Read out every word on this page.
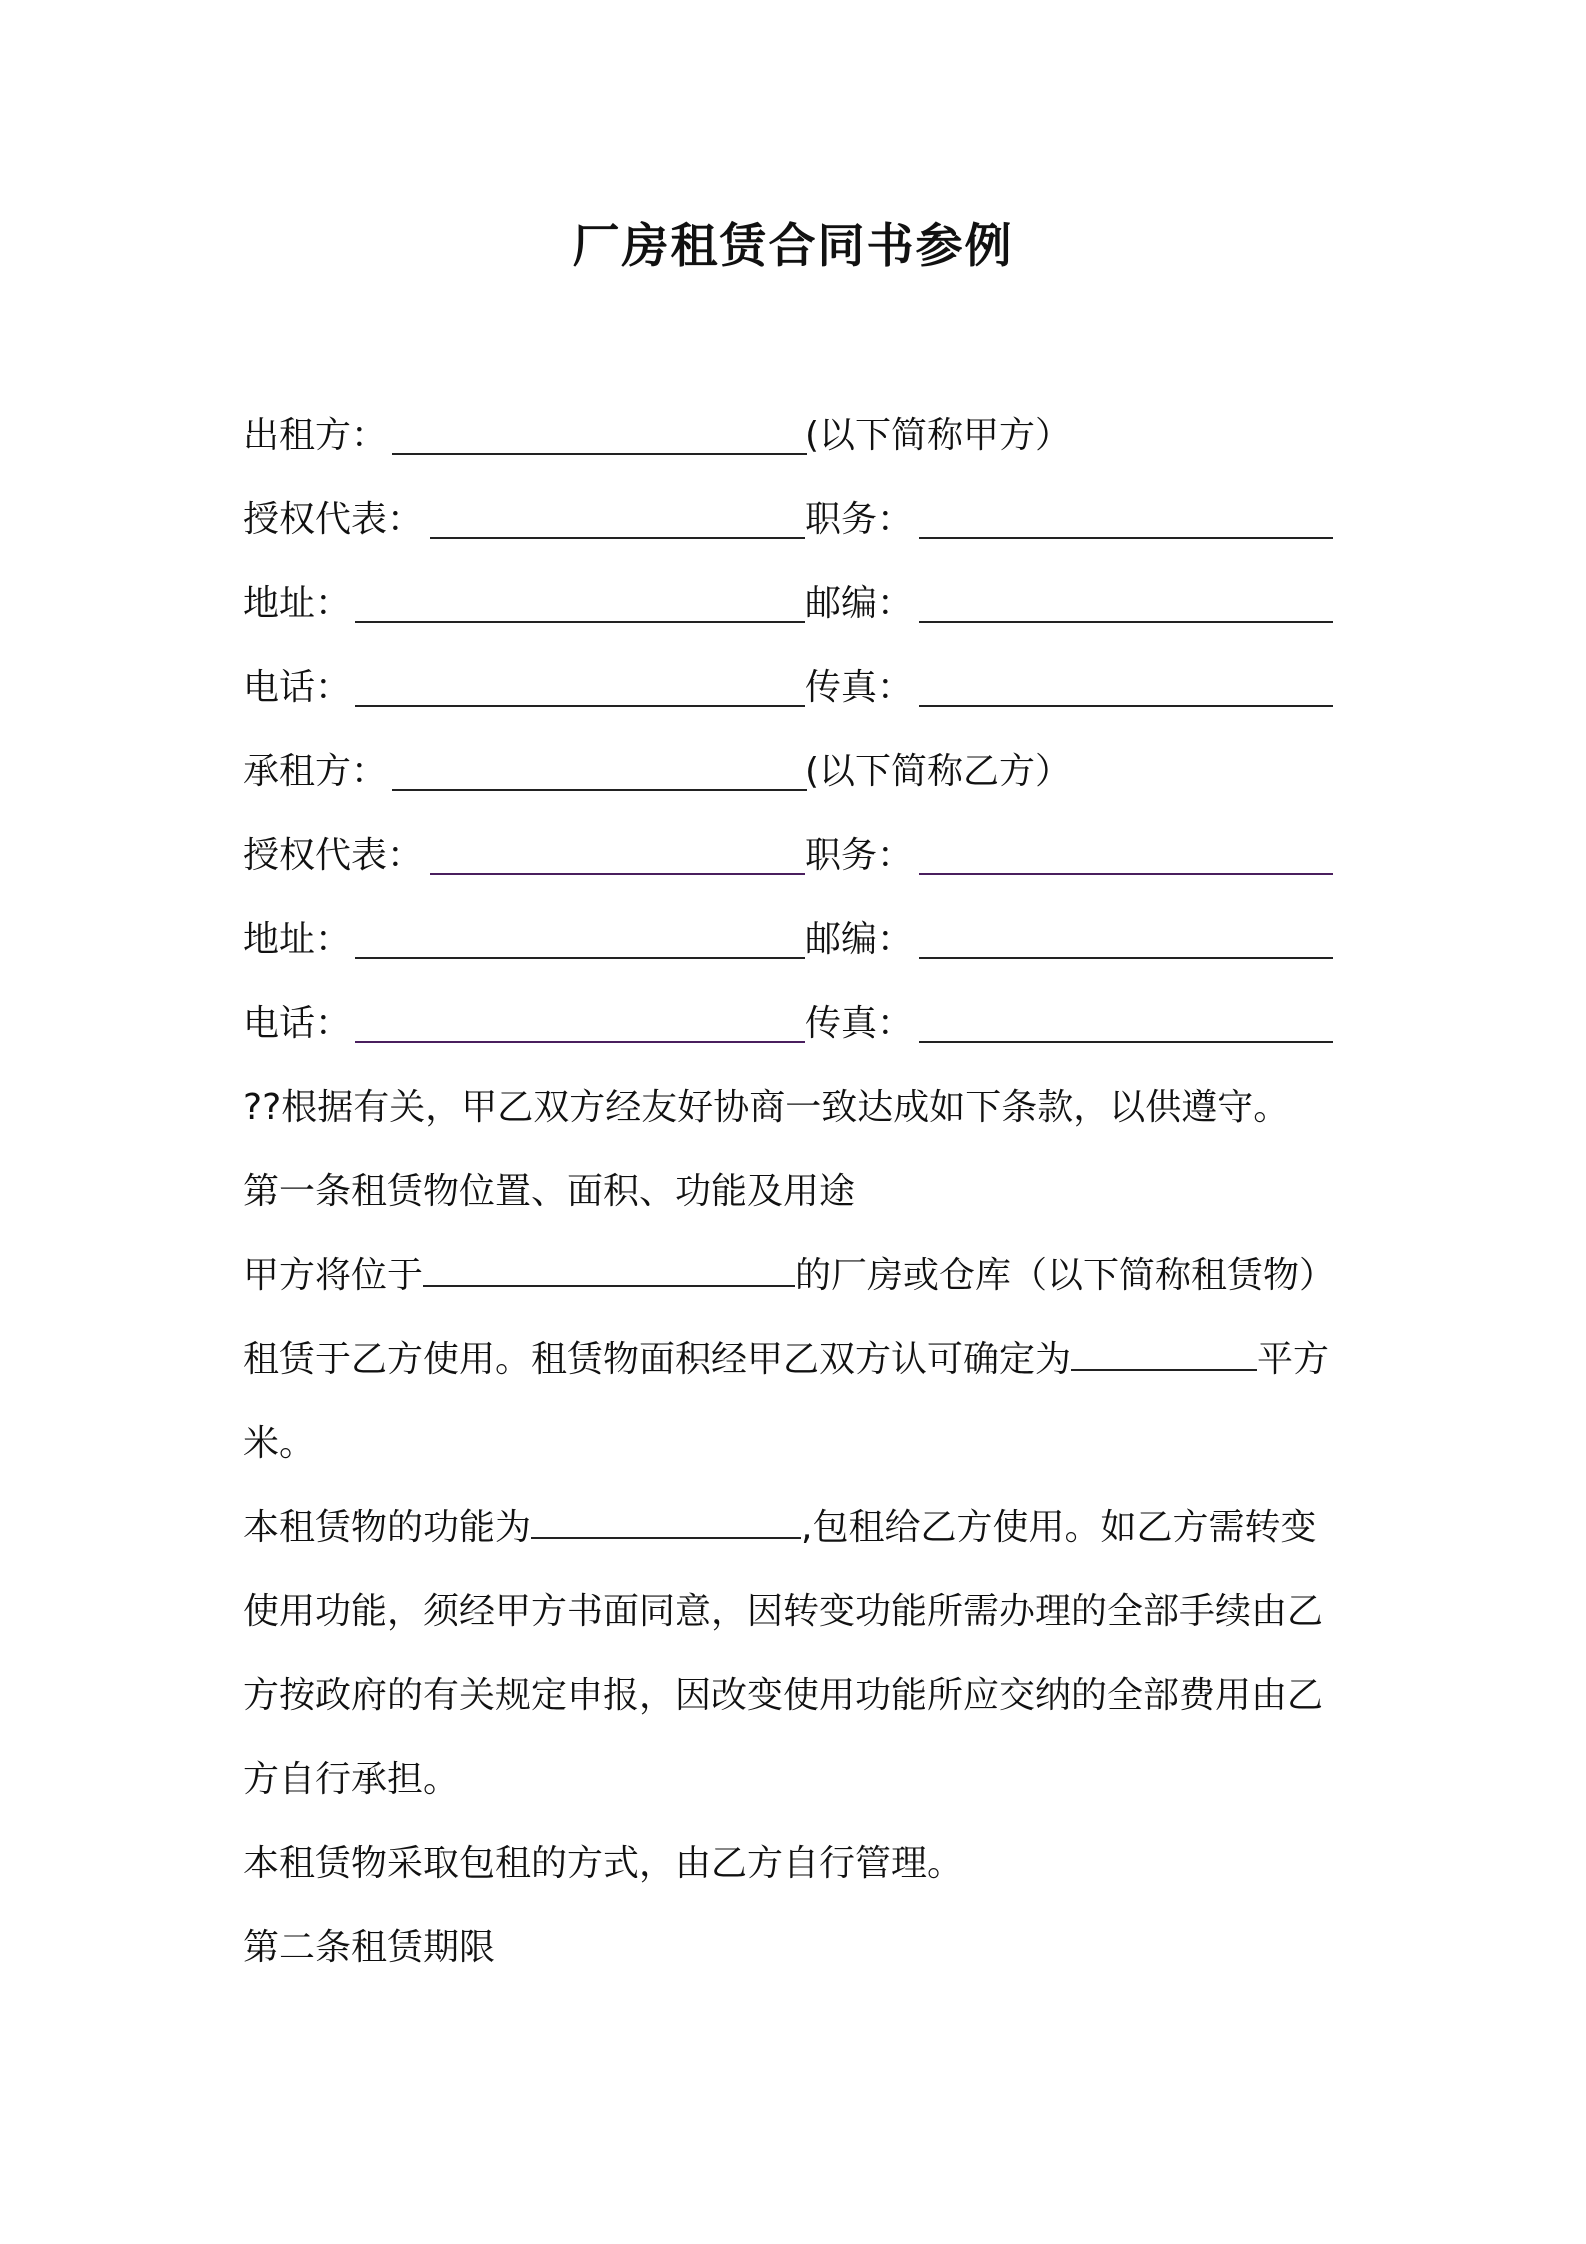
厂房租赁合同书参例
出租方：	(以下简称甲方）
授权代表：	职务：
地址：	邮编：
电话：	传真：
承租方：	(以下简称乙方）
授权代表：	职务：
地址：	邮编：
电话：	传真：
??根据有关，甲乙双方经友好协商一致达成如下条款，以供遵守。
第一条租赁物位置、面积、功能及用途
甲方将位于	的厂房或仓库（以下简称租赁物）
租赁于乙方使用。租赁物面积经甲乙双方认可确定为	平方
米。
本租赁物的功能为	,包租给乙方使用。如乙方需转变
使用功能，须经甲方书面同意，因转变功能所需办理的全部手续由乙
方按政府的有关规定申报，因改变使用功能所应交纳的全部费用由乙
方自行承担。
本租赁物采取包租的方式，由乙方自行管理。
第二条租赁期限
